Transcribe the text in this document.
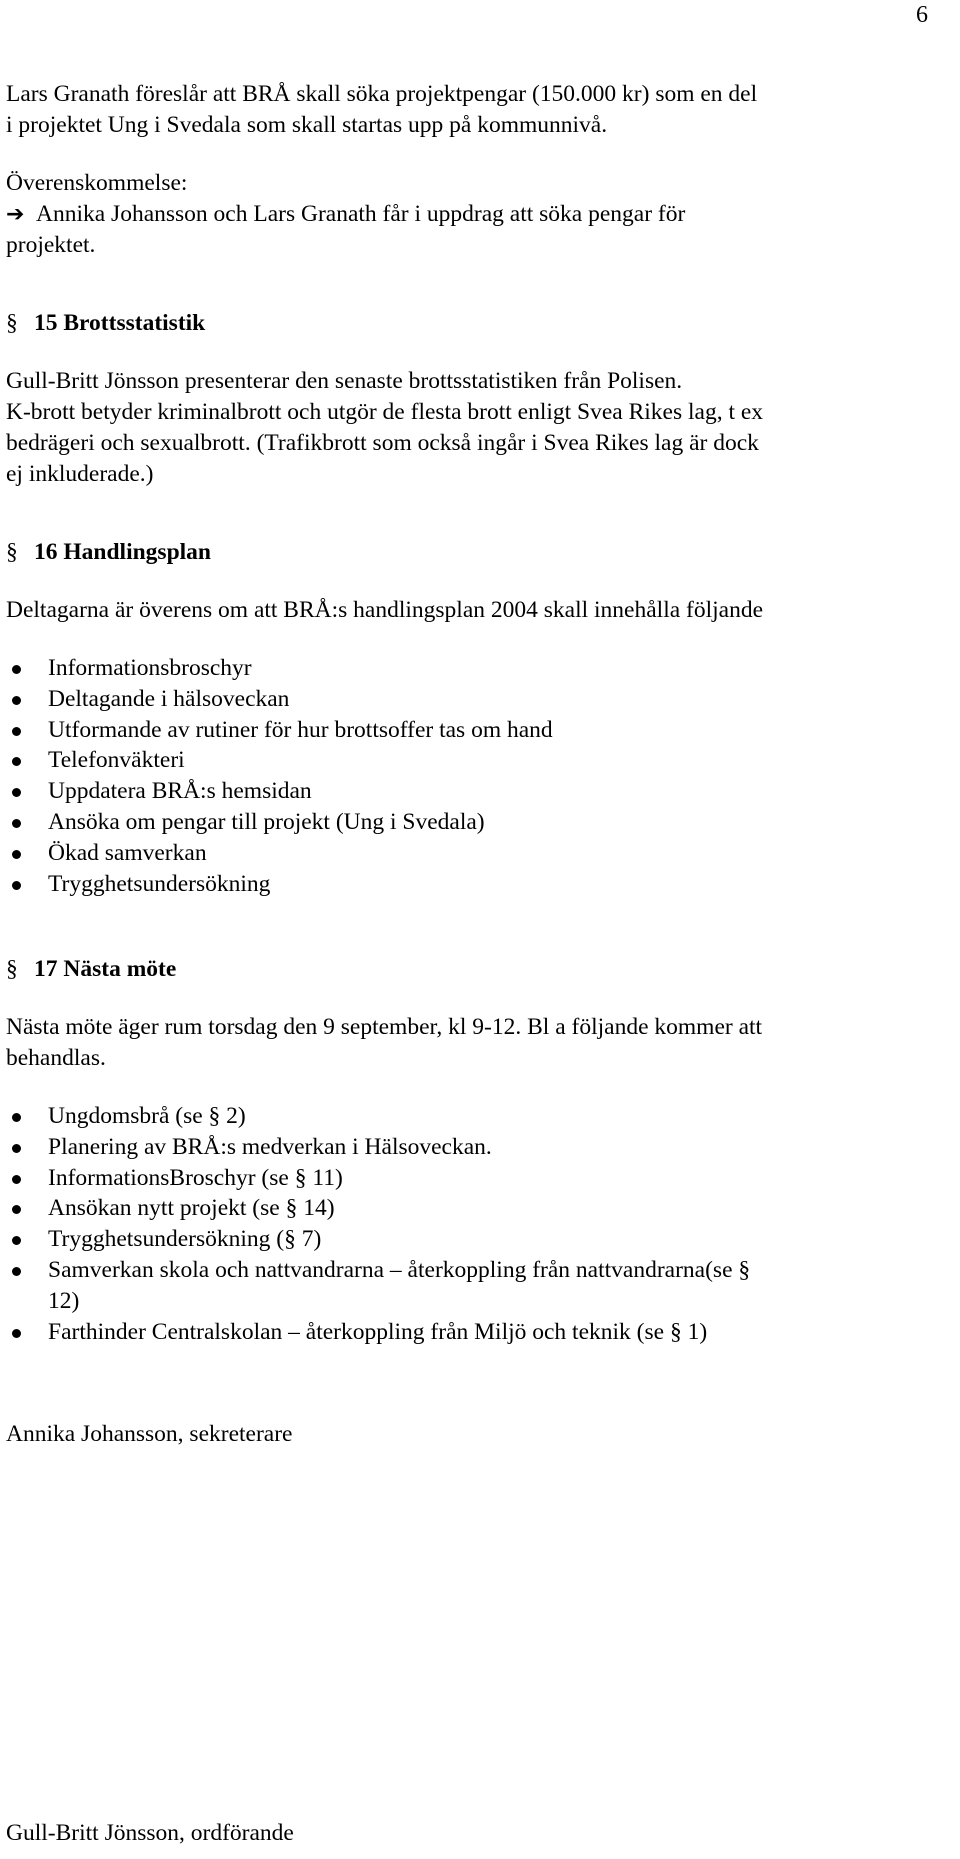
6

Lars Granath föreslår att BRÅ skall söka projektpengar (150.000 kr) som en del

i projektet Ung i Svedala som skall startas upp på kommunnivå.

Överenskommelse:

➔ Annika Johansson och Lars Granath får i uppdrag att söka pengar för

projektet.

§ 15 Brottsstatistik

Gull-Britt Jönsson presenterar den senaste brottsstatistiken från Polisen.

K-brott betyder kriminalbrott och utgör de flesta brott enligt Svea Rikes lag, t ex

bedrägeri och sexualbrott. (Trafikbrott som också ingår i Svea Rikes lag är dock

ej inkluderade.)

§ 16 Handlingsplan

Deltagarna är överens om att BRÅ:s handlingsplan 2004 skall innehålla följande

Informationsbroschyr
Deltagande i hälsoveckan
Utformande av rutiner för hur brottsoffer tas om hand
Telefonväkteri
Uppdatera BRÅ:s hemsidan
Ansöka om pengar till projekt (Ung i Svedala)
Ökad samverkan
Trygghetsundersökning
§ 17 Nästa möte

Nästa möte äger rum torsdag den 9 september, kl 9-12. Bl a följande kommer att

behandlas.

Ungdomsbrå (se § 2)
Planering av BRÅ:s medverkan i Hälsoveckan.
InformationsBroschyr (se § 11)
Ansökan nytt projekt (se § 14)
Trygghetsundersökning (§ 7)
Samverkan skola och nattvandrarna – återkoppling från nattvandrarna(se §
12)
Farthinder Centralskolan – återkoppling från Miljö och teknik (se § 1)

Annika Johansson, sekreterare

Gull-Britt Jönsson, ordförande
